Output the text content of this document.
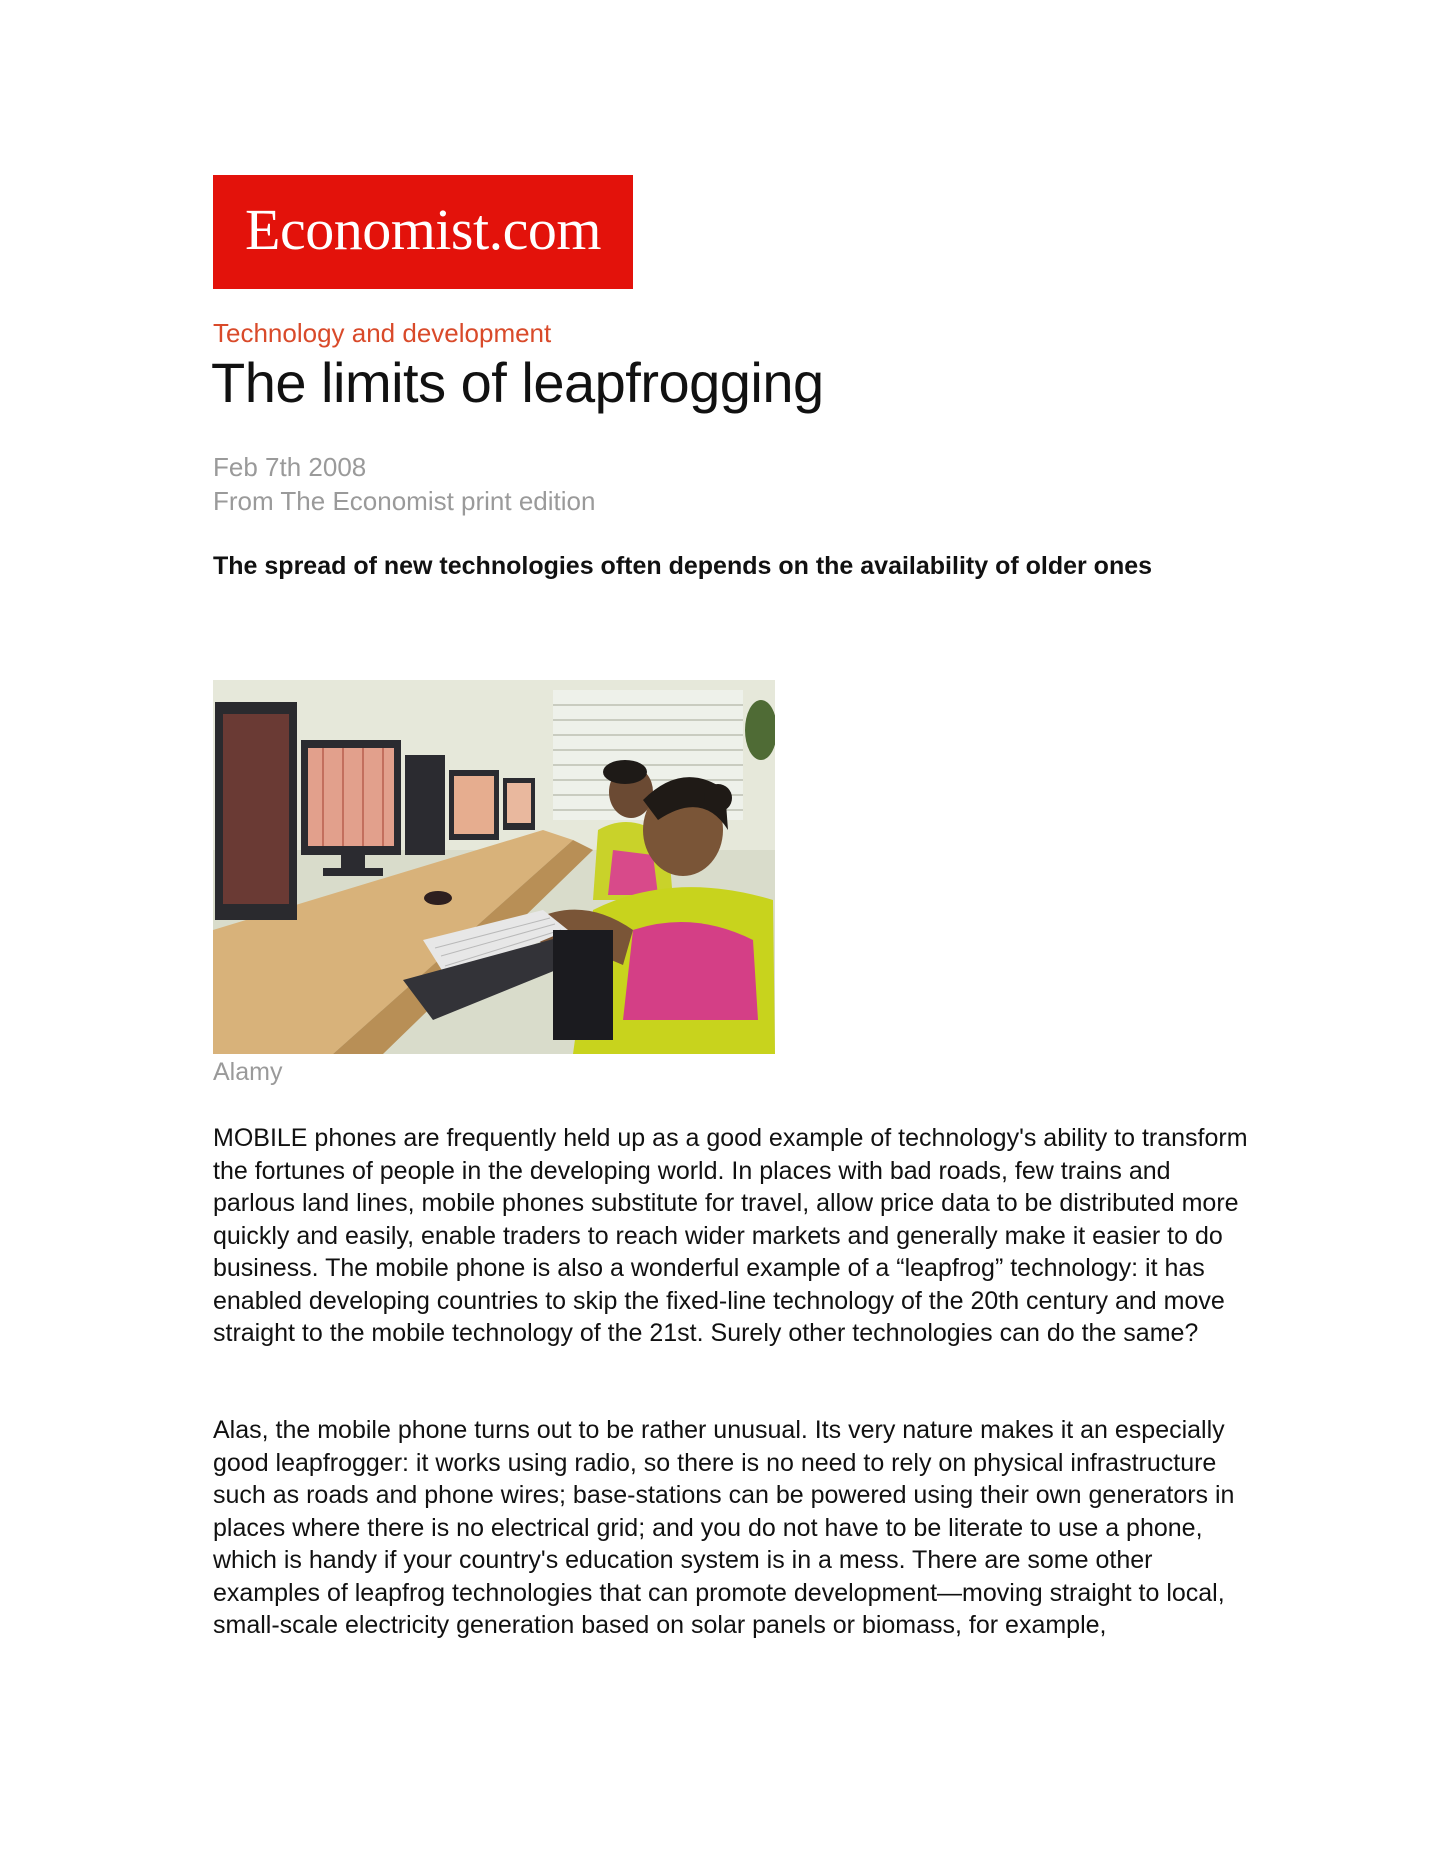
Economist.com
Technology and development
The limits of leapfrogging
Feb 7th 2008
From The Economist print edition
The spread of new technologies often depends on the availability of older ones
Alamy

MOBILE phones are frequently held up as a good example of technology's ability to transform the fortunes of people in the developing world. In places with bad roads, few trains and parlous land lines, mobile phones substitute for travel, allow price data to be distributed more quickly and easily, enable traders to reach wider markets and generally make it easier to do business. The mobile phone is also a wonderful example of a “leapfrog” technology: it has enabled developing countries to skip the fixed-line technology of the 20th century and move straight to the mobile technology of the 21st. Surely other technologies can do the same?

Alas, the mobile phone turns out to be rather unusual. Its very nature makes it an especially good leapfrogger: it works using radio, so there is no need to rely on physical infrastructure such as roads and phone wires; base-stations can be powered using their own generators in places where there is no electrical grid; and you do not have to be literate to use a phone, which is handy if your country's education system is in a mess. There are some other examples of leapfrog technologies that can promote development—moving straight to local, small-scale electricity generation based on solar panels or biomass, for example,
